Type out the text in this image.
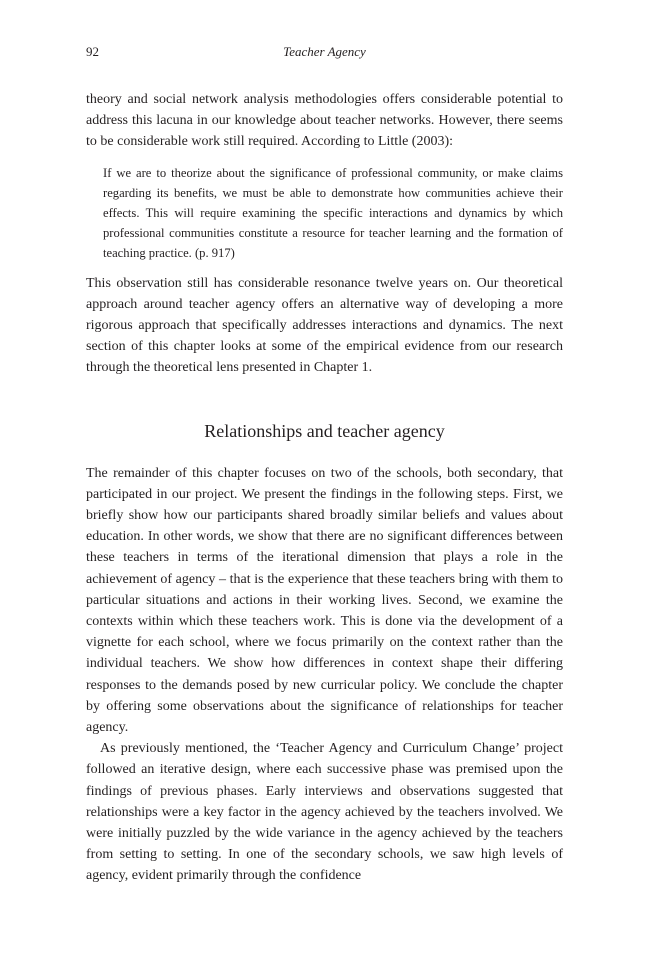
92	Teacher Agency

theory and social network analysis methodologies offers considerable potential to address this lacuna in our knowledge about teacher networks. However, there seems to be considerable work still required. According to Little (2003):

If we are to theorize about the significance of professional community, or make claims regarding its benefits, we must be able to demonstrate how communities achieve their effects. This will require examining the specific interactions and dynamics by which professional communities constitute a resource for teacher learning and the formation of teaching practice. (p. 917)

This observation still has considerable resonance twelve years on. Our theoretical approach around teacher agency offers an alternative way of developing a more rigorous approach that specifically addresses interactions and dynamics. The next section of this chapter looks at some of the empirical evidence from our research through the theoretical lens presented in Chapter 1.

Relationships and teacher agency

The remainder of this chapter focuses on two of the schools, both secondary, that participated in our project. We present the findings in the following steps. First, we briefly show how our participants shared broadly similar beliefs and values about education. In other words, we show that there are no significant differences between these teachers in terms of the iterational dimension that plays a role in the achievement of agency – that is the experience that these teachers bring with them to particular situations and actions in their working lives. Second, we examine the contexts within which these teachers work. This is done via the development of a vignette for each school, where we focus primarily on the context rather than the individual teachers. We show how differences in context shape their differing responses to the demands posed by new curricular policy. We conclude the chapter by offering some observations about the significance of relationships for teacher agency.

As previously mentioned, the ‘Teacher Agency and Curriculum Change’ project followed an iterative design, where each successive phase was premised upon the findings of previous phases. Early interviews and observations suggested that relationships were a key factor in the agency achieved by the teachers involved. We were initially puzzled by the wide variance in the agency achieved by the teachers from setting to setting. In one of the secondary schools, we saw high levels of agency, evident primarily through the confidence
